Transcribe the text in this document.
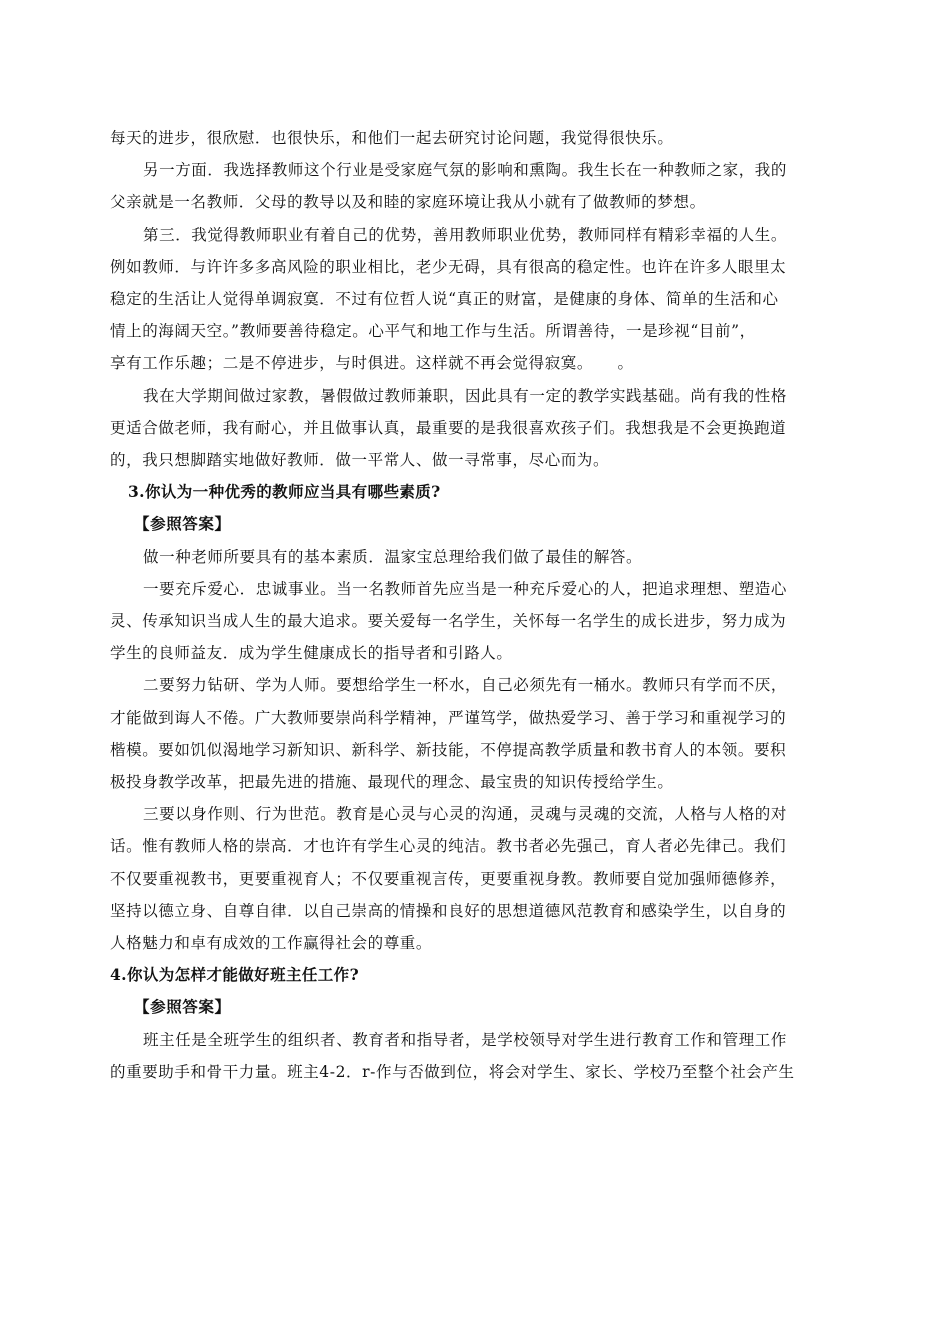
每天的进步，很欣慰．也很快乐，和他们一起去研究讨论问题，我觉得很快乐。

另一方面．我选择教师这个行业是受家庭气氛的影响和熏陶。我生长在一种教师之家，我的

父亲就是一名教师．父母的教导以及和睦的家庭环境让我从小就有了做教师的梦想。

第三．我觉得教师职业有着自己的优势，善用教师职业优势，教师同样有精彩幸福的人生。

例如教师．与许许多多高风险的职业相比，老少无碍，具有很高的稳定性。也许在许多人眼里太
稳定的生活让人觉得单调寂寞．不过有位哲人说“真正的财富，是健康的身体、简单的生活和心
情上的海阔天空。”教师要善待稳定。心平气和地工作与生活。所谓善待，一是珍视“目前”，
享有工作乐趣；二是不停进步，与时俱进。这样就不再会觉得寂寞。　　。

我在大学期间做过家教，暑假做过教师兼职，因此具有一定的教学实践基础。尚有我的性格

更适合做老师，我有耐心，并且做事认真，最重要的是我很喜欢孩子们。我想我是不会更换跑道
的，我只想脚踏实地做好教师．做一平常人、做一寻常事，尽心而为。

3.你认为一种优秀的教师应当具有哪些素质?

【参照答案】

做一种老师所要具有的基本素质．温家宝总理给我们做了最佳的解答。

一要充斥爱心．忠诚事业。当一名教师首先应当是一种充斥爱心的人，把追求理想、塑造心

灵、传承知识当成人生的最大追求。要关爱每一名学生，关怀每一名学生的成长进步，努力成为
学生的良师益友．成为学生健康成长的指导者和引路人。

二要努力钻研、学为人师。要想给学生一杯水，自己必须先有一桶水。教师只有学而不厌，

才能做到诲人不倦。广大教师要崇尚科学精神，严谨笃学，做热爱学习、善于学习和重视学习的
楷模。要如饥似渴地学习新知识、新科学、新技能，不停提高教学质量和教书育人的本领。要积
极投身教学改革，把最先进的措施、最现代的理念、最宝贵的知识传授给学生。

三要以身作则、行为世范。教育是心灵与心灵的沟通，灵魂与灵魂的交流，人格与人格的对

话。惟有教师人格的崇高．才也许有学生心灵的纯洁。教书者必先强己，育人者必先律己。我们
不仅要重视教书，更要重视育人；不仅要重视言传，更要重视身教。教师要自觉加强师德修养，
坚持以德立身、自尊自律．以自己崇高的情操和良好的思想道德风范教育和感染学生，以自身的
人格魅力和卓有成效的工作赢得社会的尊重。

4.你认为怎样才能做好班主任工作?

【参照答案】

班主任是全班学生的组织者、教育者和指导者，是学校领导对学生进行教育工作和管理工作

的重要助手和骨干力量。班主4-2．r-作与否做到位，将会对学生、家长、学校乃至整个社会产生
